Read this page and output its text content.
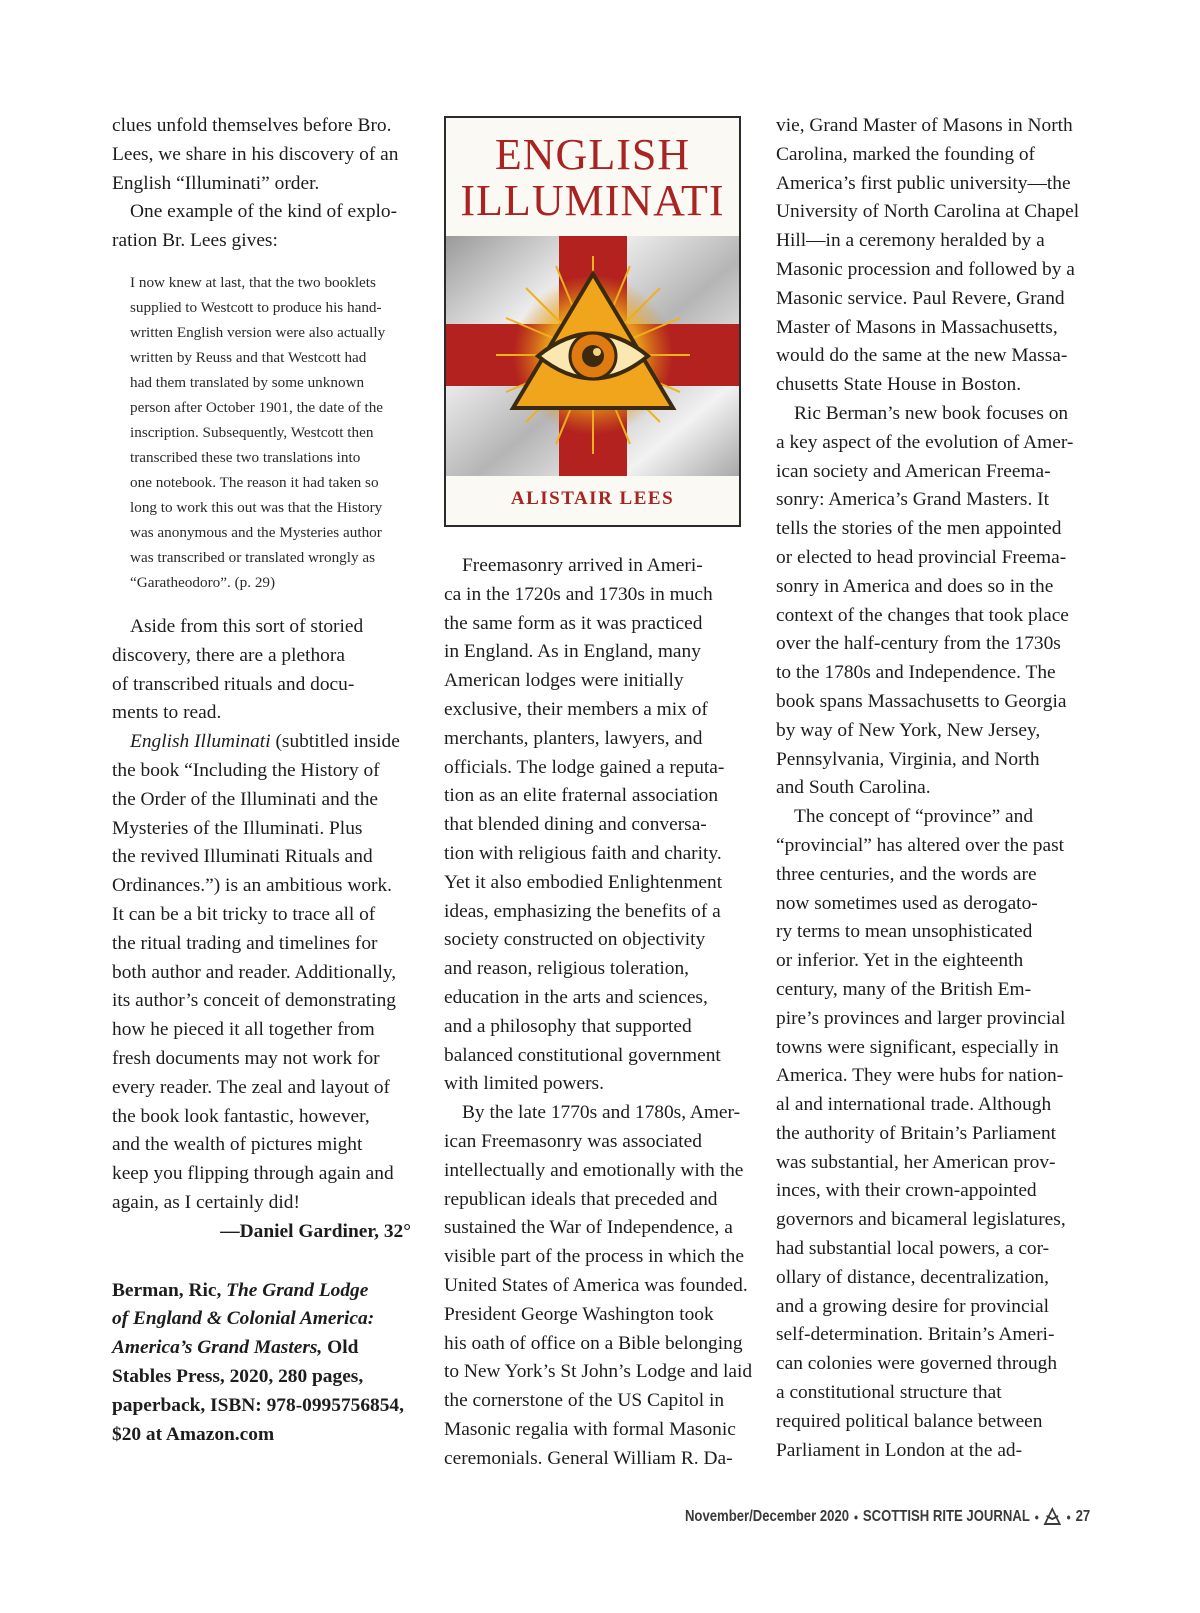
clues unfold themselves before Bro.
Lees, we share in his discovery of an
English “Illuminati” order.
One example of the kind of explo-
ration Br. Lees gives:
I now knew at last, that the two booklets
supplied to Westcott to produce his hand-
written English version were also actually
written by Reuss and that Westcott had
had them translated by some unknown
person after October 1901, the date of the
inscription. Subsequently, Westcott then
transcribed these two translations into
one notebook. The reason it had taken so
long to work this out was that the History
was anonymous and the Mysteries author
was transcribed or translated wrongly as
“Garatheodoro”. (p. 29)
Aside from this sort of storied
discovery, there are a plethora
of transcribed rituals and docu-
ments to read.
English Illuminati (subtitled inside
the book “Including the History of
the Order of the Illuminati and the
Mysteries of the Illuminati. Plus
the revived Illuminati Rituals and
Ordinances.”) is an ambitious work.
It can be a bit tricky to trace all of
the ritual trading and timelines for
both author and reader. Additionally,
its author’s conceit of demonstrating
how he pieced it all together from
fresh documents may not work for
every reader. The zeal and layout of
the book look fantastic, however,
and the wealth of pictures might
keep you flipping through again and
again, as I certainly did!
—Daniel Gardiner, 32°
Berman, Ric, The Grand Lodge
of England & Colonial America:
America’s Grand Masters, Old
Stables Press, 2020, 280 pages,
paperback, ISBN: 978-0995756854,
$20 at Amazon.com
ENGLISH
ILLUMINATI
ALISTAIR LEES
Freemasonry arrived in Ameri-
ca in the 1720s and 1730s in much
the same form as it was practiced
in England. As in England, many
American lodges were initially
exclusive, their members a mix of
merchants, planters, lawyers, and
officials. The lodge gained a reputa-
tion as an elite fraternal association
that blended dining and conversa-
tion with religious faith and charity.
Yet it also embodied Enlightenment
ideas, emphasizing the benefits of a
society constructed on objectivity
and reason, religious toleration,
education in the arts and sciences,
and a philosophy that supported
balanced constitutional government
with limited powers.
By the late 1770s and 1780s, Amer-
ican Freemasonry was associated
intellectually and emotionally with the
republican ideals that preceded and
sustained the War of Independence, a
visible part of the process in which the
United States of America was founded.
President George Washington took
his oath of office on a Bible belonging
to New York’s St John’s Lodge and laid
the cornerstone of the US Capitol in
Masonic regalia with formal Masonic
ceremonials. General William R. Da-
vie, Grand Master of Masons in North
Carolina, marked the founding of
America’s first public university—the
University of North Carolina at Chapel
Hill—in a ceremony heralded by a
Masonic procession and followed by a
Masonic service. Paul Revere, Grand
Master of Masons in Massachusetts,
would do the same at the new Massa-
chusetts State House in Boston.
Ric Berman’s new book focuses on
a key aspect of the evolution of Amer-
ican society and American Freema-
sonry: America’s Grand Masters. It
tells the stories of the men appointed
or elected to head provincial Freema-
sonry in America and does so in the
context of the changes that took place
over the half-century from the 1730s
to the 1780s and Independence. The
book spans Massachusetts to Georgia
by way of New York, New Jersey,
Pennsylvania, Virginia, and North
and South Carolina.
The concept of “province” and
“provincial” has altered over the past
three centuries, and the words are
now sometimes used as derogato-
ry terms to mean unsophisticated
or inferior. Yet in the eighteenth
century, many of the British Em-
pire’s provinces and larger provincial
towns were significant, especially in
America. They were hubs for nation-
al and international trade. Although
the authority of Britain’s Parliament
was substantial, her American prov-
inces, with their crown-appointed
governors and bicameral legislatures,
had substantial local powers, a cor-
ollary of distance, decentralization,
and a growing desire for provincial
self-determination. Britain’s Ameri-
can colonies were governed through
a constitutional structure that
required political balance between
Parliament in London at the ad-
November/December 2020 • SCOTTISH RITE JOURNAL • • 27
